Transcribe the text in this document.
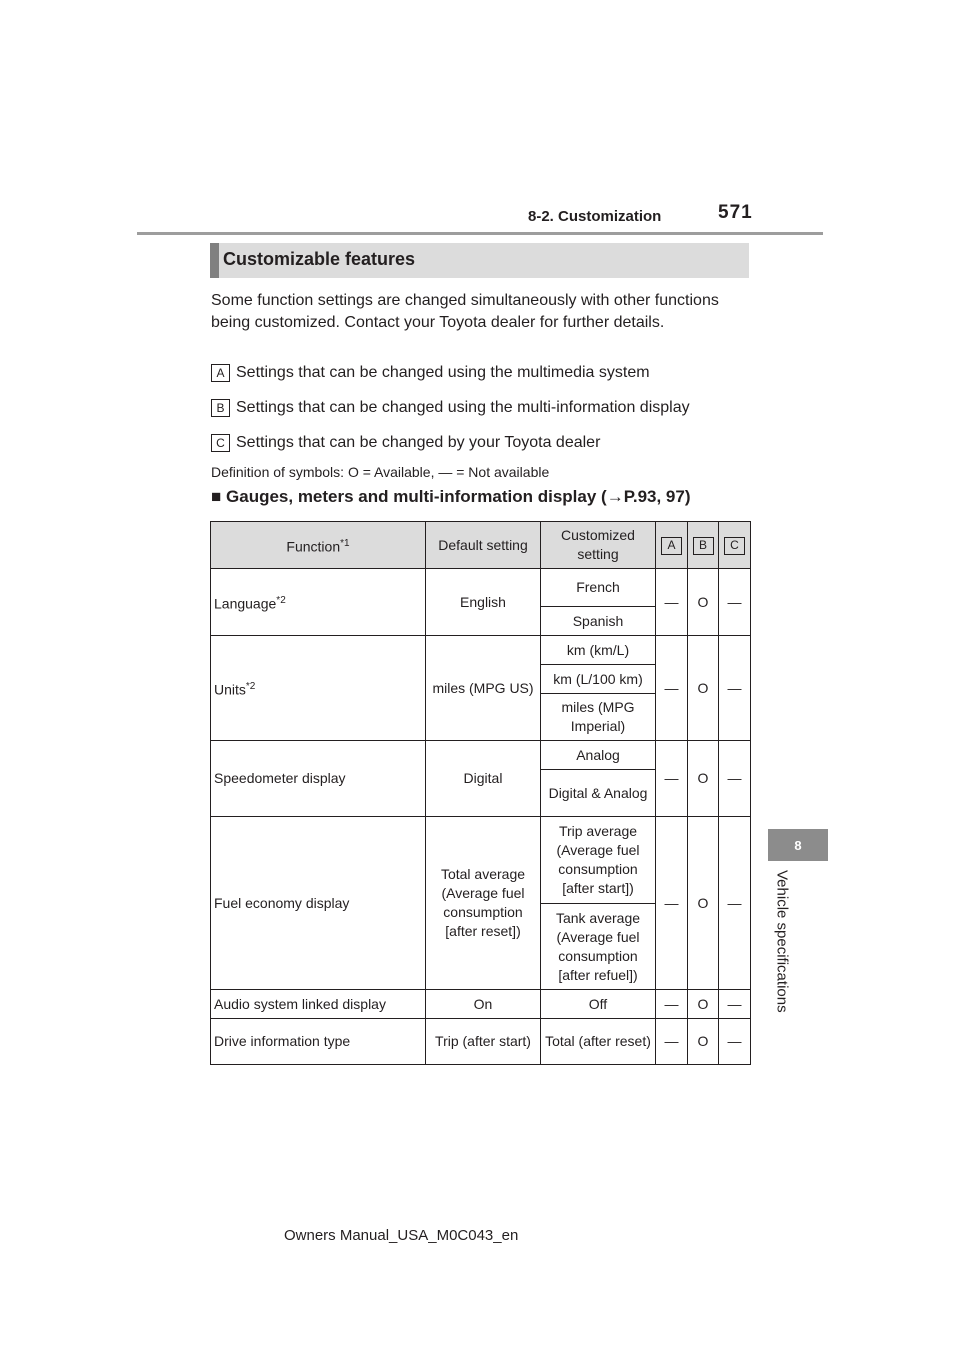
8-2. Customization	571
8
Vehicle specifications
Customizable features
Some function settings are changed simultaneously with other functions being customized. Contact your Toyota dealer for further details.
A Settings that can be changed using the multimedia system
B Settings that can be changed using the multi-information display
C Settings that can be changed by your Toyota dealer
Definition of symbols: O = Available, — = Not available
■ Gauges, meters and multi-information display (→P.93, 97)
Function$^{*1}$	Default setting	Customized setting	A	B	C
Language$^{*2}$	English	French	—	O	—
		Spanish			
Units$^{*2}$	miles (MPG US)	km (km/L)	—	O	—
		km (L/100 km)			
		miles (MPG Imperial)			
Speedometer display	Digital	Analog	—	O	—
		Digital & Analog			
Fuel economy display	Total average (Average fuel consumption [after reset])	Trip average (Average fuel consumption [after start])	—	O	—
		Tank average (Average fuel consumption [after refuel])			
Audio system linked display	On	Off	—	O	—
Drive information type	Trip (after start)	Total (after reset)	—	O	—
Owners Manual_USA_M0C043_en
